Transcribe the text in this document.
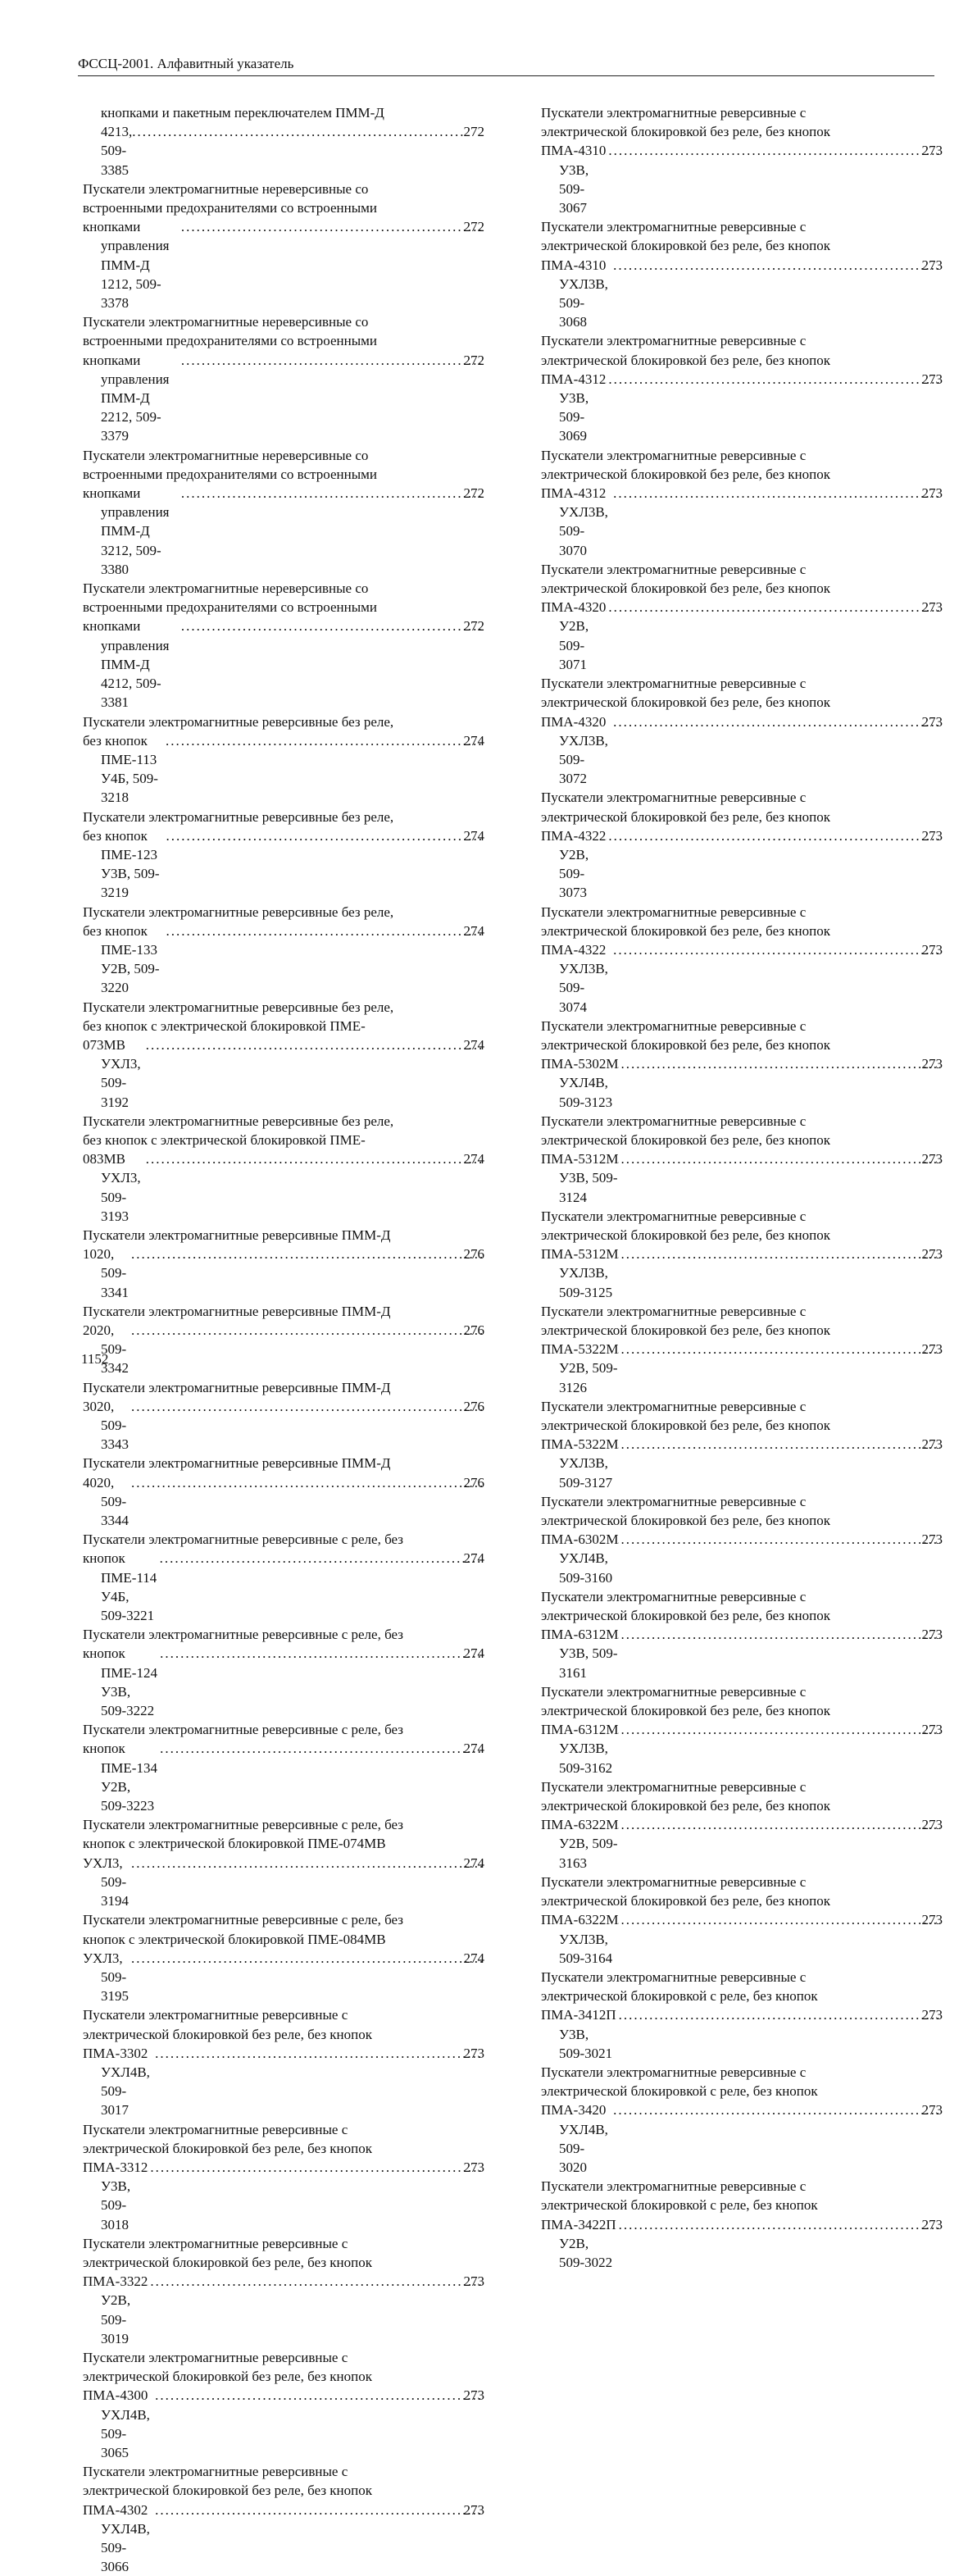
ФССЦ-2001. Алфавитный указатель
кнопками и пакетным переключателем ПММ-Д
4213, 509-3385
.....
272
Пускатели электромагнитные нереверсивные со
встроенными предохранителями со встроенными
кнопками управления ПММ-Д 1212, 509-3378
.....
272
Пускатели электромагнитные нереверсивные со
встроенными предохранителями со встроенными
кнопками управления ПММ-Д 2212, 509-3379
.....
272
Пускатели электромагнитные нереверсивные со
встроенными предохранителями со встроенными
кнопками управления ПММ-Д 3212, 509-3380
.....
272
Пускатели электромагнитные нереверсивные со
встроенными предохранителями со встроенными
кнопками управления ПММ-Д 4212, 509-3381
.....
272
Пускатели электромагнитные реверсивные без реле,
без кнопок ПМЕ-113 У4Б, 509-3218
.....
274
Пускатели электромагнитные реверсивные без реле,
без кнопок ПМЕ-123 У3В, 509-3219
.....
274
Пускатели электромагнитные реверсивные без реле,
без кнопок ПМЕ-133 У2В, 509-3220
.....
274
Пускатели электромагнитные реверсивные без реле,
без кнопок с электрической блокировкой ПМЕ-
073МВ УХЛ3, 509-3192
.....
274
Пускатели электромагнитные реверсивные без реле,
без кнопок с электрической блокировкой ПМЕ-
083МВ УХЛ3, 509-3193
.....
274
Пускатели электромагнитные реверсивные ПММ-Д
1020, 509-3341
.....
276
Пускатели электромагнитные реверсивные ПММ-Д
2020, 509-3342
.....
276
Пускатели электромагнитные реверсивные ПММ-Д
3020, 509-3343
.....
276
Пускатели электромагнитные реверсивные ПММ-Д
4020, 509-3344
.....
276
Пускатели электромагнитные реверсивные с реле, без
кнопок ПМЕ-114 У4Б, 509-3221
.....
274
Пускатели электромагнитные реверсивные с реле, без
кнопок ПМЕ-124 У3В, 509-3222
.....
274
Пускатели электромагнитные реверсивные с реле, без
кнопок ПМЕ-134 У2В, 509-3223
.....
274
Пускатели электромагнитные реверсивные с реле, без
кнопок с электрической блокировкой ПМЕ-074МВ
УХЛ3, 509-3194
.....
274
Пускатели электромагнитные реверсивные с реле, без
кнопок с электрической блокировкой ПМЕ-084МВ
УХЛ3, 509-3195
.....
274
Пускатели электромагнитные реверсивные с
электрической блокировкой без реле, без кнопок
ПМА-3302 УХЛ4В, 509-3017
.....
273
Пускатели электромагнитные реверсивные с
электрической блокировкой без реле, без кнопок
ПМА-3312 У3В, 509-3018
.....
273
Пускатели электромагнитные реверсивные с
электрической блокировкой без реле, без кнопок
ПМА-3322 У2В, 509-3019
.....
273
Пускатели электромагнитные реверсивные с
электрической блокировкой без реле, без кнопок
ПМА-4300 УХЛ4В, 509-3065
.....
273
Пускатели электромагнитные реверсивные с
электрической блокировкой без реле, без кнопок
ПМА-4302 УХЛ4В, 509-3066
.....
273
Пускатели электромагнитные реверсивные с
электрической блокировкой без реле, без кнопок
ПМА-4310 У3В, 509-3067
.....
273
Пускатели электромагнитные реверсивные с
электрической блокировкой без реле, без кнопок
ПМА-4310 УХЛ3В, 509-3068
.....
273
Пускатели электромагнитные реверсивные с
электрической блокировкой без реле, без кнопок
ПМА-4312 У3В, 509-3069
.....
273
Пускатели электромагнитные реверсивные с
электрической блокировкой без реле, без кнопок
ПМА-4312 УХЛ3В, 509-3070
.....
273
Пускатели электромагнитные реверсивные с
электрической блокировкой без реле, без кнопок
ПМА-4320 У2В, 509-3071
.....
273
Пускатели электромагнитные реверсивные с
электрической блокировкой без реле, без кнопок
ПМА-4320 УХЛ3В, 509-3072
.....
273
Пускатели электромагнитные реверсивные с
электрической блокировкой без реле, без кнопок
ПМА-4322 У2В, 509-3073
.....
273
Пускатели электромагнитные реверсивные с
электрической блокировкой без реле, без кнопок
ПМА-4322 УХЛ3В, 509-3074
.....
273
Пускатели электромагнитные реверсивные с
электрической блокировкой без реле, без кнопок
ПМА-5302М УХЛ4В, 509-3123
.....
273
Пускатели электромагнитные реверсивные с
электрической блокировкой без реле, без кнопок
ПМА-5312М У3В, 509-3124
.....
273
Пускатели электромагнитные реверсивные с
электрической блокировкой без реле, без кнопок
ПМА-5312М УХЛ3В, 509-3125
.....
273
Пускатели электромагнитные реверсивные с
электрической блокировкой без реле, без кнопок
ПМА-5322М У2В, 509-3126
.....
273
Пускатели электромагнитные реверсивные с
электрической блокировкой без реле, без кнопок
ПМА-5322М УХЛ3В, 509-3127
.....
273
Пускатели электромагнитные реверсивные с
электрической блокировкой без реле, без кнопок
ПМА-6302М УХЛ4В, 509-3160
.....
273
Пускатели электромагнитные реверсивные с
электрической блокировкой без реле, без кнопок
ПМА-6312М У3В, 509-3161
.....
273
Пускатели электромагнитные реверсивные с
электрической блокировкой без реле, без кнопок
ПМА-6312М УХЛ3В, 509-3162
.....
273
Пускатели электромагнитные реверсивные с
электрической блокировкой без реле, без кнопок
ПМА-6322М У2В, 509-3163
.....
273
Пускатели электромагнитные реверсивные с
электрической блокировкой без реле, без кнопок
ПМА-6322М УХЛ3В, 509-3164
.....
273
Пускатели электромагнитные реверсивные с
электрической блокировкой с реле, без кнопок
ПМА-3412П У3В, 509-3021
.....
273
Пускатели электромагнитные реверсивные с
электрической блокировкой с реле, без кнопок
ПМА-3420 УХЛ4В, 509-3020
.....
273
Пускатели электромагнитные реверсивные с
электрической блокировкой с реле, без кнопок
ПМА-3422П У2В, 509-3022
.....
273
1152
